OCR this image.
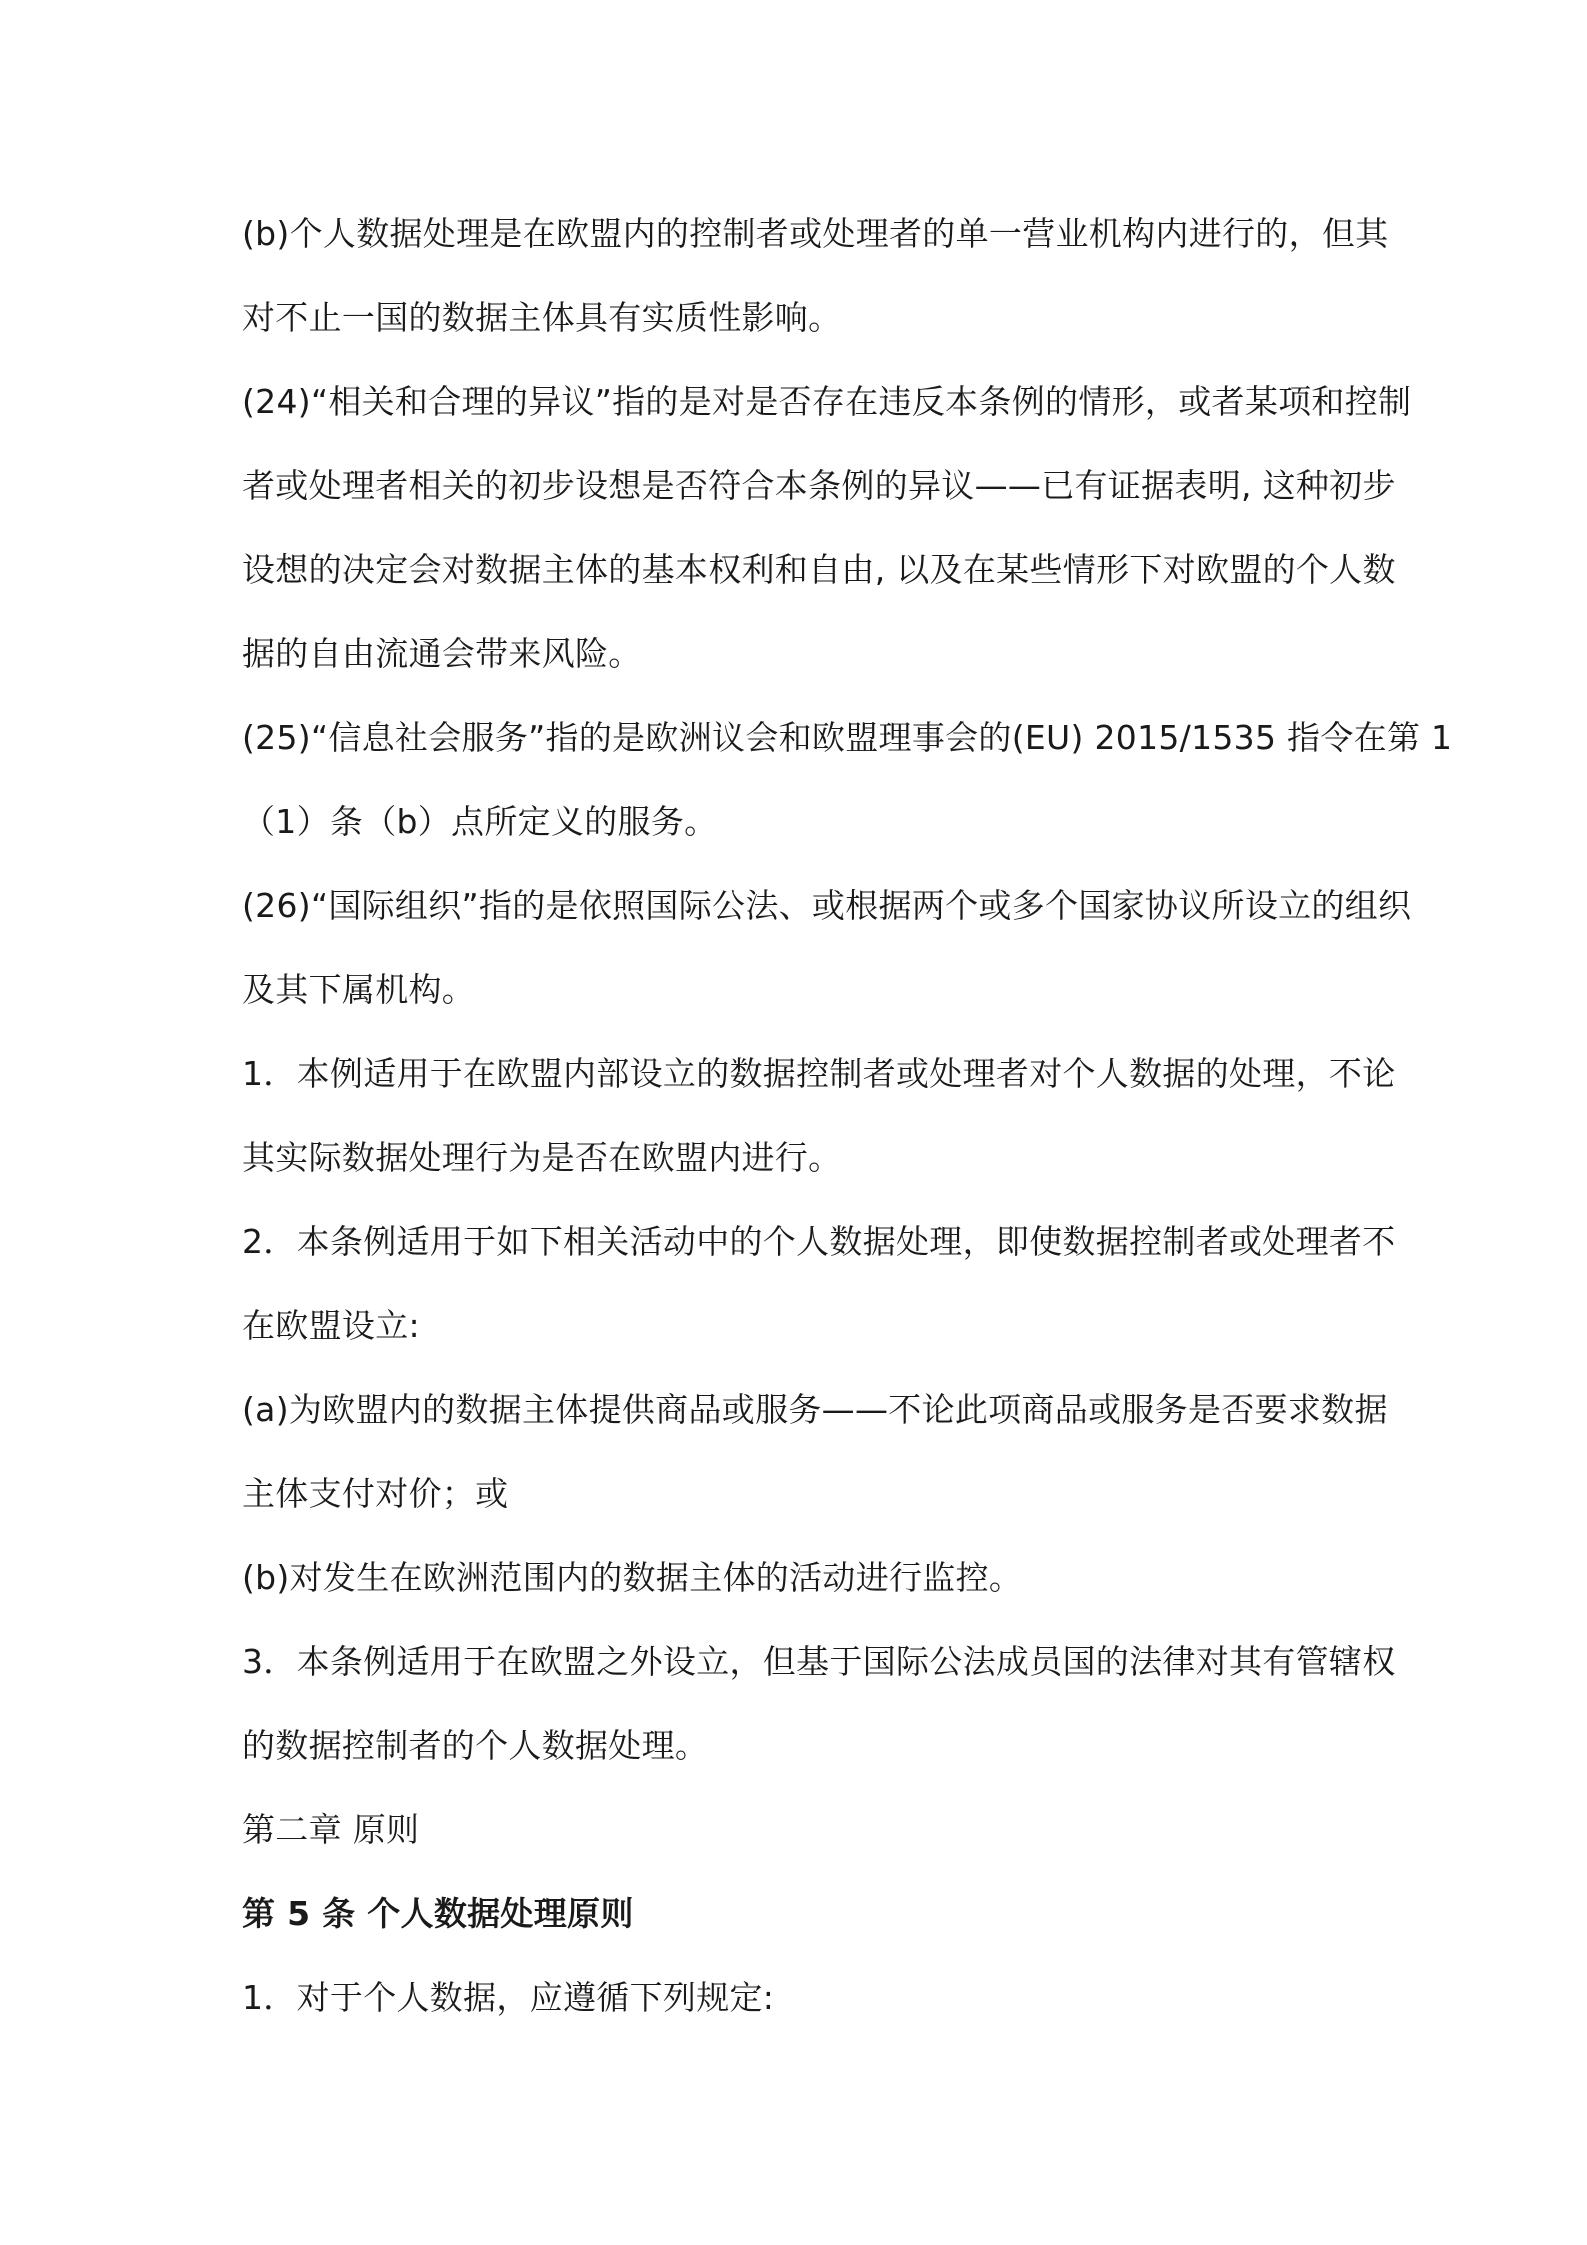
(b)个人数据处理是在欧盟内的控制者或处理者的单一营业机构内进行的，但其
对不止一国的数据主体具有实质性影响。
(24)“相关和合理的异议”指的是对是否存在违反本条例的情形，或者某项和控制
者或处理者相关的初步设想是否符合本条例的异议——已有证据表明, 这种初步
设想的决定会对数据主体的基本权利和自由, 以及在某些情形下对欧盟的个人数
据的自由流通会带来风险。
(25)“信息社会服务”指的是欧洲议会和欧盟理事会的(EU) 2015/1535 指令在第 1
（1）条（b）点所定义的服务。
(26)“国际组织”指的是依照国际公法、或根据两个或多个国家协议所设立的组织
及其下属机构。
1．本例适用于在欧盟内部设立的数据控制者或处理者对个人数据的处理，不论
其实际数据处理行为是否在欧盟内进行。
2．本条例适用于如下相关活动中的个人数据处理，即使数据控制者或处理者不
在欧盟设立:
(a)为欧盟内的数据主体提供商品或服务——不论此项商品或服务是否要求数据
主体支付对价；或
(b)对发生在欧洲范围内的数据主体的活动进行监控。
3．本条例适用于在欧盟之外设立，但基于国际公法成员国的法律对其有管辖权
的数据控制者的个人数据处理。
第二章 原则
第 5 条 个人数据处理原则
1．对于个人数据，应遵循下列规定:
